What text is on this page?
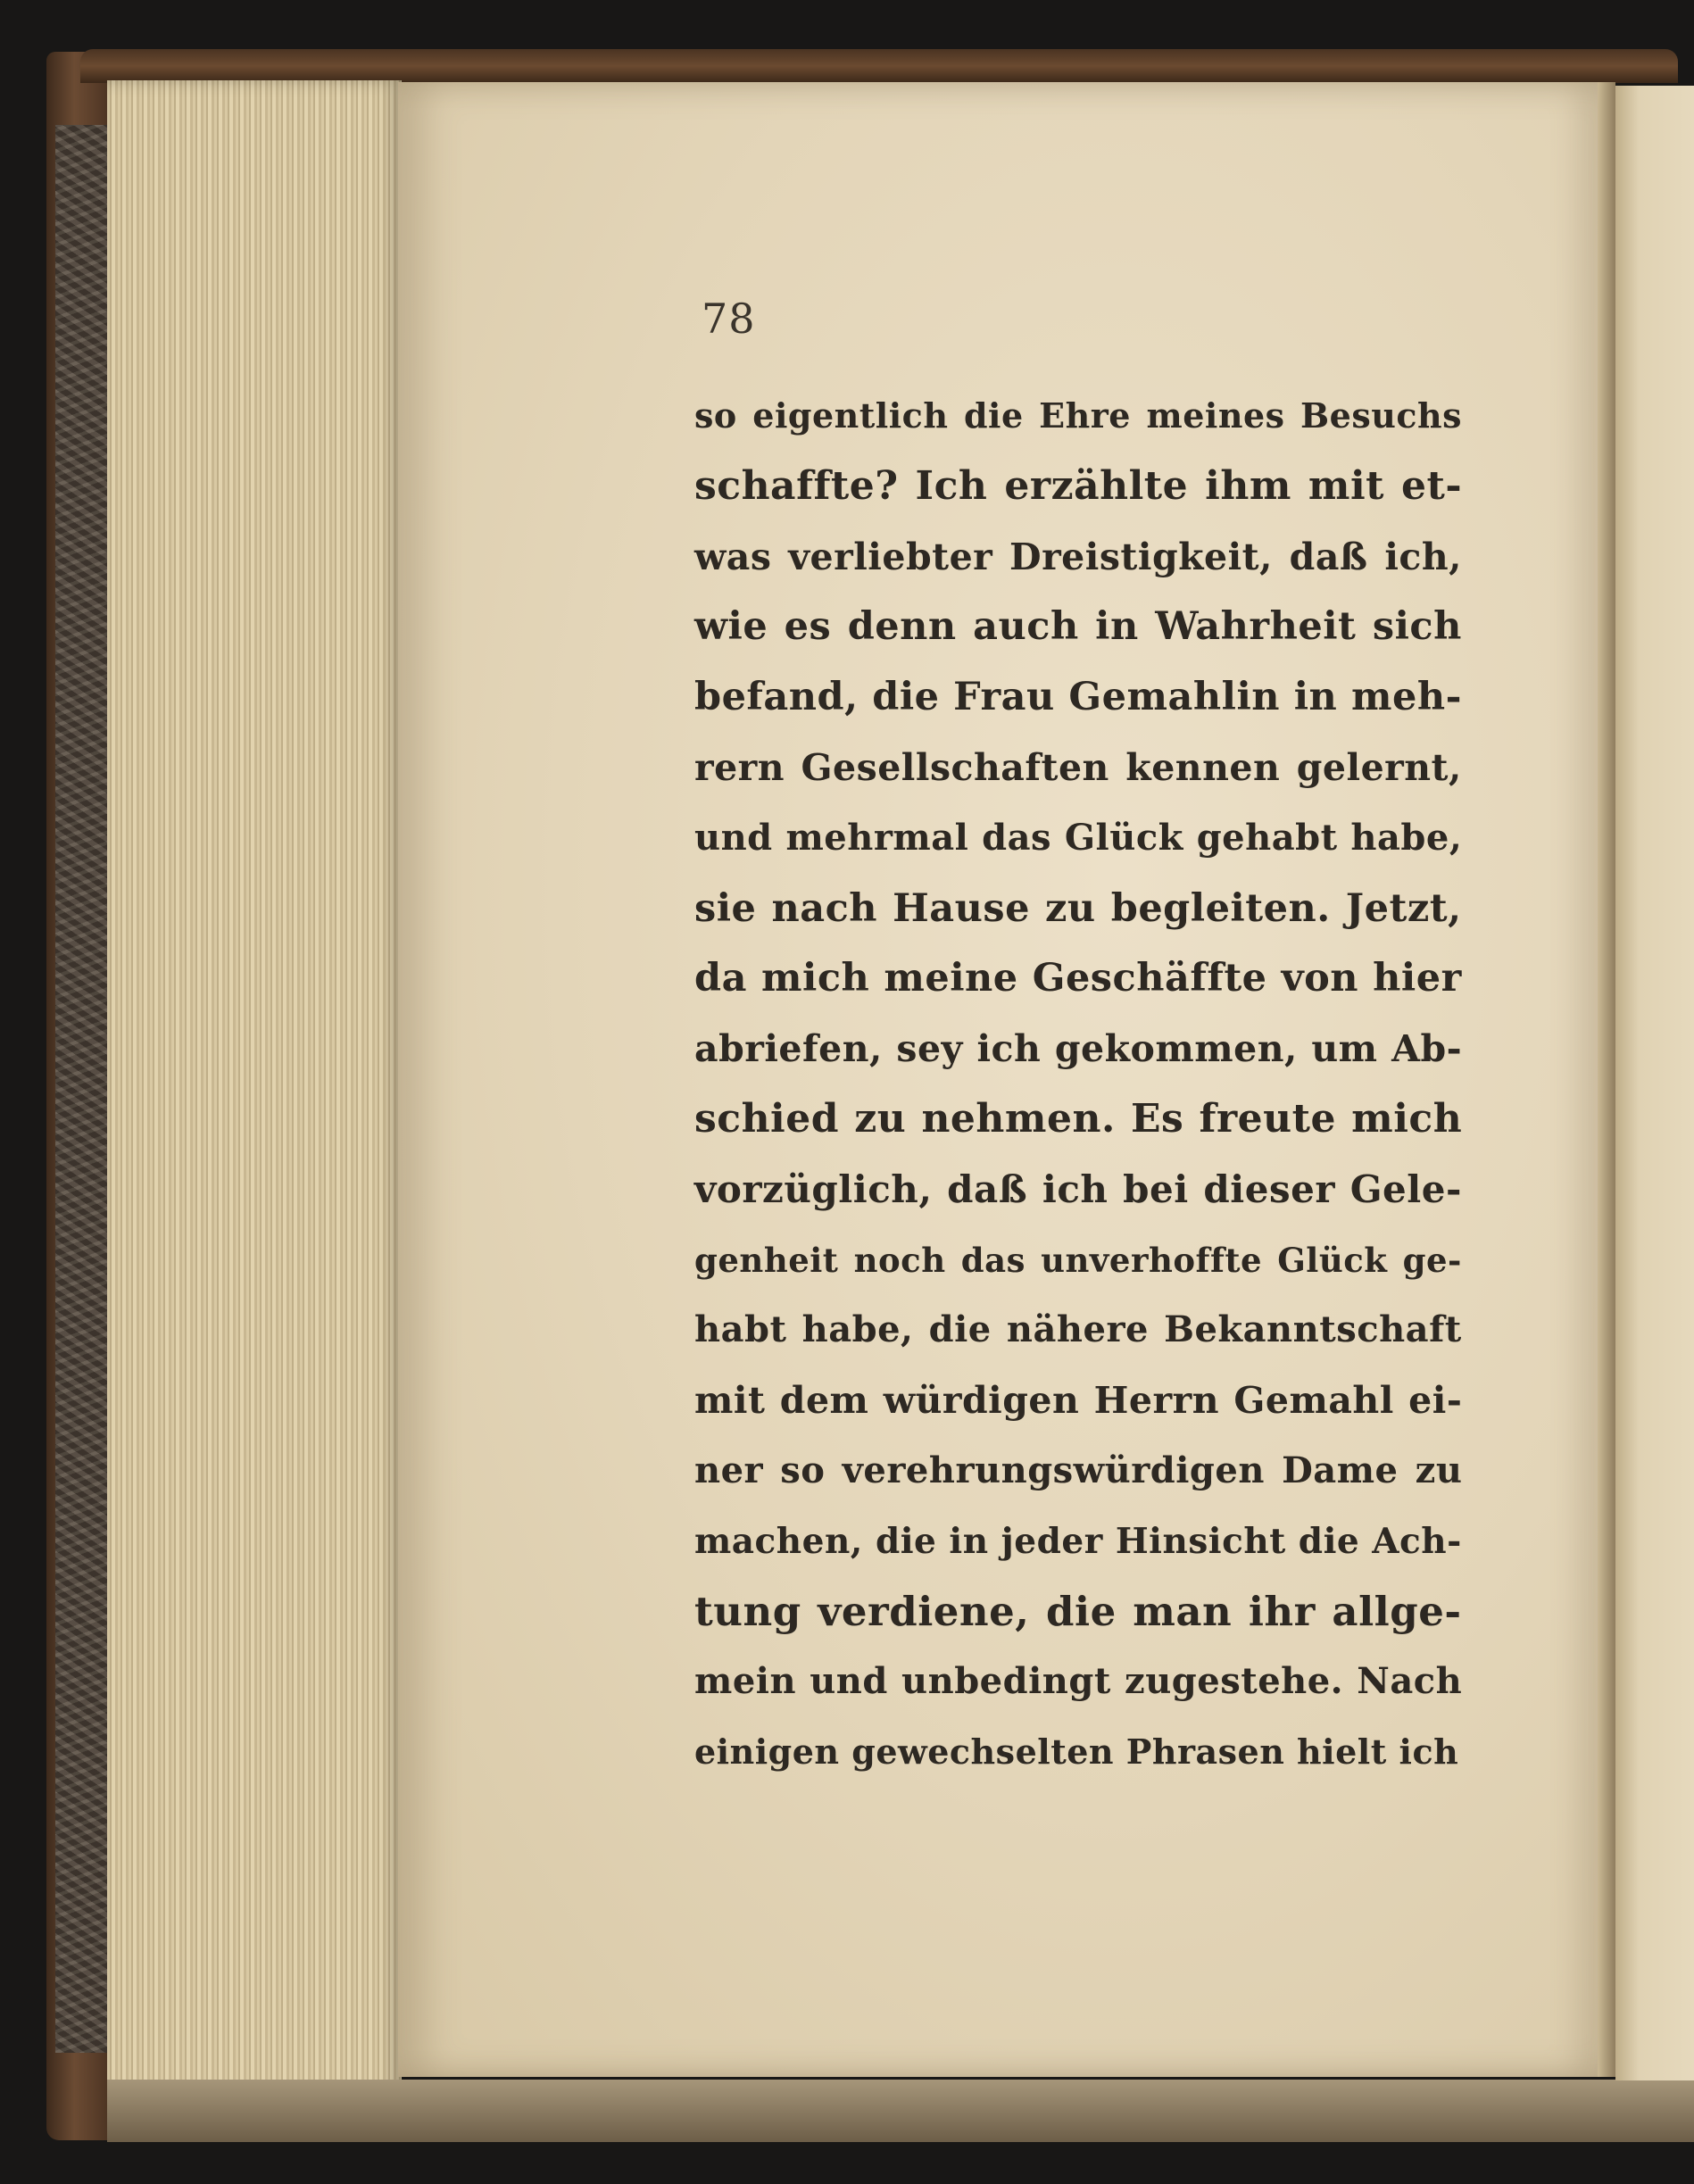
78
so eigentlich die Ehre meines Besuchs
schaffte? Ich erzählte ihm mit et-
was verliebter Dreistigkeit, daß ich,
wie es denn auch in Wahrheit sich
befand, die Frau Gemahlin in meh-
rern Gesellschaften kennen gelernt,
und mehrmal das Glück gehabt habe,
sie nach Hause zu begleiten. Jetzt,
da mich meine Geschäffte von hier
abriefen, sey ich gekommen, um Ab-
schied zu nehmen. Es freute mich
vorzüglich, daß ich bei dieser Gele-
genheit noch das unverhoffte Glück ge-
habt habe, die nähere Bekanntschaft
mit dem würdigen Herrn Gemahl ei-
ner so verehrungswürdigen Dame zu
machen, die in jeder Hinsicht die Ach-
tung verdiene, die man ihr allge-
mein und unbedingt zugestehe. Nach
einigen gewechselten Phrasen hielt ich
